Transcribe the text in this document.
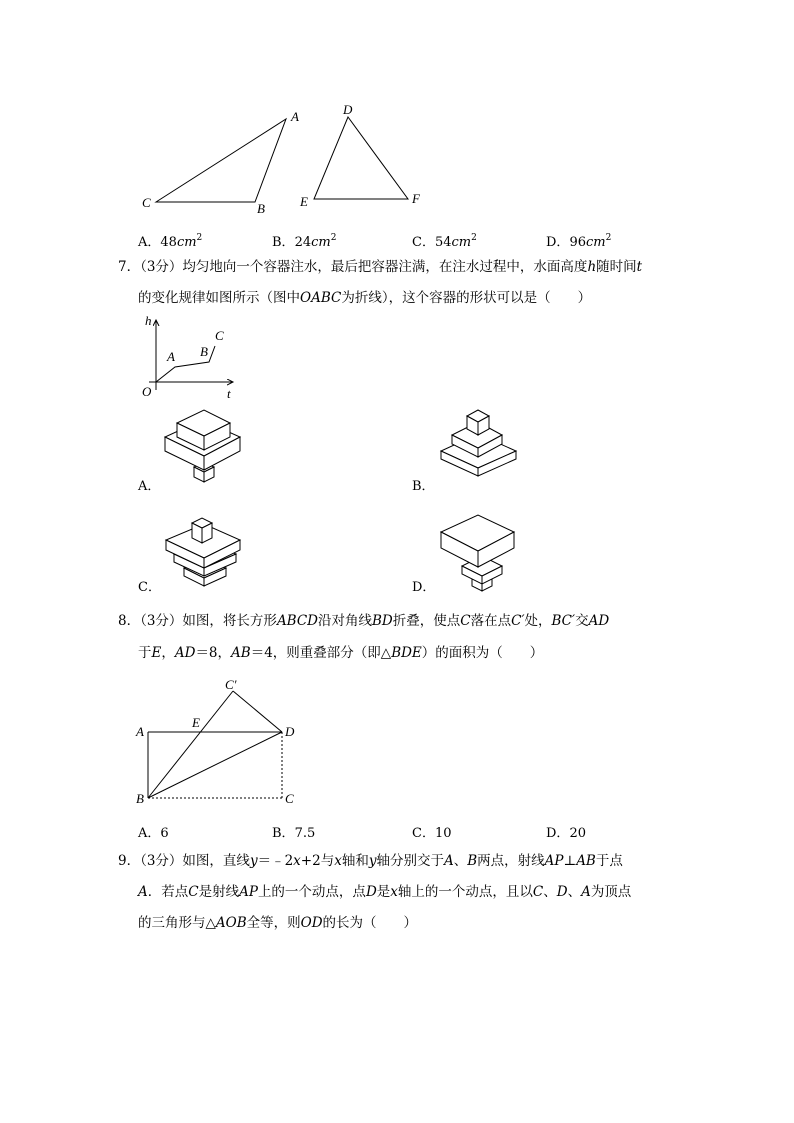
A
C	B
D
E	F
A．$48cm^2$	B．$24cm^2$	C．$54cm^2$	D．$96cm^2$
7．（3分）均匀地向一个容器注水，最后把容器注满，在注水过程中，水面高度h随时间t
的变化规律如图所示（图中OABC为折线），这个容器的形状可以是（　　）
h
t
O
A B
C
A．	B．
C．	D．
8．（3分）如图，将长方形ABCD沿对角线BD折叠，使点C落在点C′处，BC′交AD
于E，AD＝8，AB＝4，则重叠部分（即△BDE）的面积为（　　）
C′
A
E
D
B	C
A．6	B．7.5	C．10	D．20
9．（3分）如图，直线y＝﹣2x+2与x轴和y轴分别交于A、B两点，射线AP⊥AB于点
A．若点C是射线AP上的一个动点，点D是x轴上的一个动点，且以C、D、A为顶点
的三角形与△AOB全等，则OD的长为（　　）
